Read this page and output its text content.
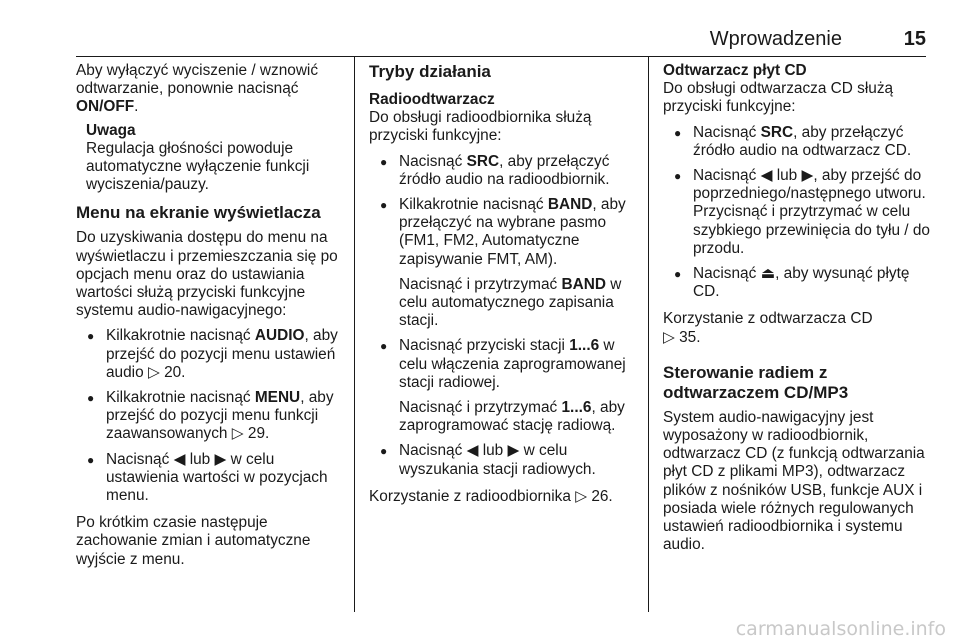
Wprowadzenie	15

Aby wyłączyć wyciszenie / wznowić odtwarzanie, ponownie nacisnąć ON/OFF.

Uwaga

Regulacja głośności powoduje automatyczne wyłączenie funkcji wyciszenia/pauzy.

Menu na ekranie wyświetlacza

Do uzyskiwania dostępu do menu na wyświetlaczu i przemieszczania się po opcjach menu oraz do ustawiania wartości służą przyciski funkcyjne systemu audio-nawigacyjnego:

● Kilkakrotnie nacisnąć AUDIO, aby przejść do pozycji menu ustawień audio ▷ 20.
● Kilkakrotnie nacisnąć MENU, aby przejść do pozycji menu funkcji zaawansowanych ▷ 29.
● Nacisnąć ◀ lub ▶ w celu ustawienia wartości w pozycjach menu.

Po krótkim czasie następuje zachowanie zmian i automatyczne wyjście z menu.

Tryby działania

Radioodtwarzacz

Do obsługi radioodbiornika służą przyciski funkcyjne:

● Nacisnąć SRC, aby przełączyć źródło audio na radioodbiornik.
● Kilkakrotnie nacisnąć BAND, aby przełączyć na wybrane pasmo (FM1, FM2, Automatyczne zapisywanie FMT, AM).

Nacisnąć i przytrzymać BAND w celu automatycznego zapisania stacji.

● Nacisnąć przyciski stacji 1...6 w celu włączenia zaprogramowanej stacji radiowej.

Nacisnąć i przytrzymać 1...6, aby zaprogramować stację radiową.

● Nacisnąć ◀ lub ▶ w celu wyszukania stacji radiowych.

Korzystanie z radioodbiornika ▷ 26.

Odtwarzacz płyt CD

Do obsługi odtwarzacza CD służą przyciski funkcyjne:

● Nacisnąć SRC, aby przełączyć źródło audio na odtwarzacz CD.
● Nacisnąć ◀ lub ▶, aby przejść do poprzedniego/następnego utworu. Przycisnąć i przytrzymać w celu szybkiego przewinięcia do tyłu / do przodu.
● Nacisnąć ⏏, aby wysunąć płytę CD.

Korzystanie z odtwarzacza CD
▷ 35.

Sterowanie radiem z odtwarzaczem CD/MP3

System audio-nawigacyjny jest wyposażony w radioodbiornik, odtwarzacz CD (z funkcją odtwarzania płyt CD z plikami MP3), odtwarzacz plików z nośników USB, funkcje AUX i posiada wiele różnych regulowanych ustawień radioodbiornika i systemu audio.

carmanualsonline.info
